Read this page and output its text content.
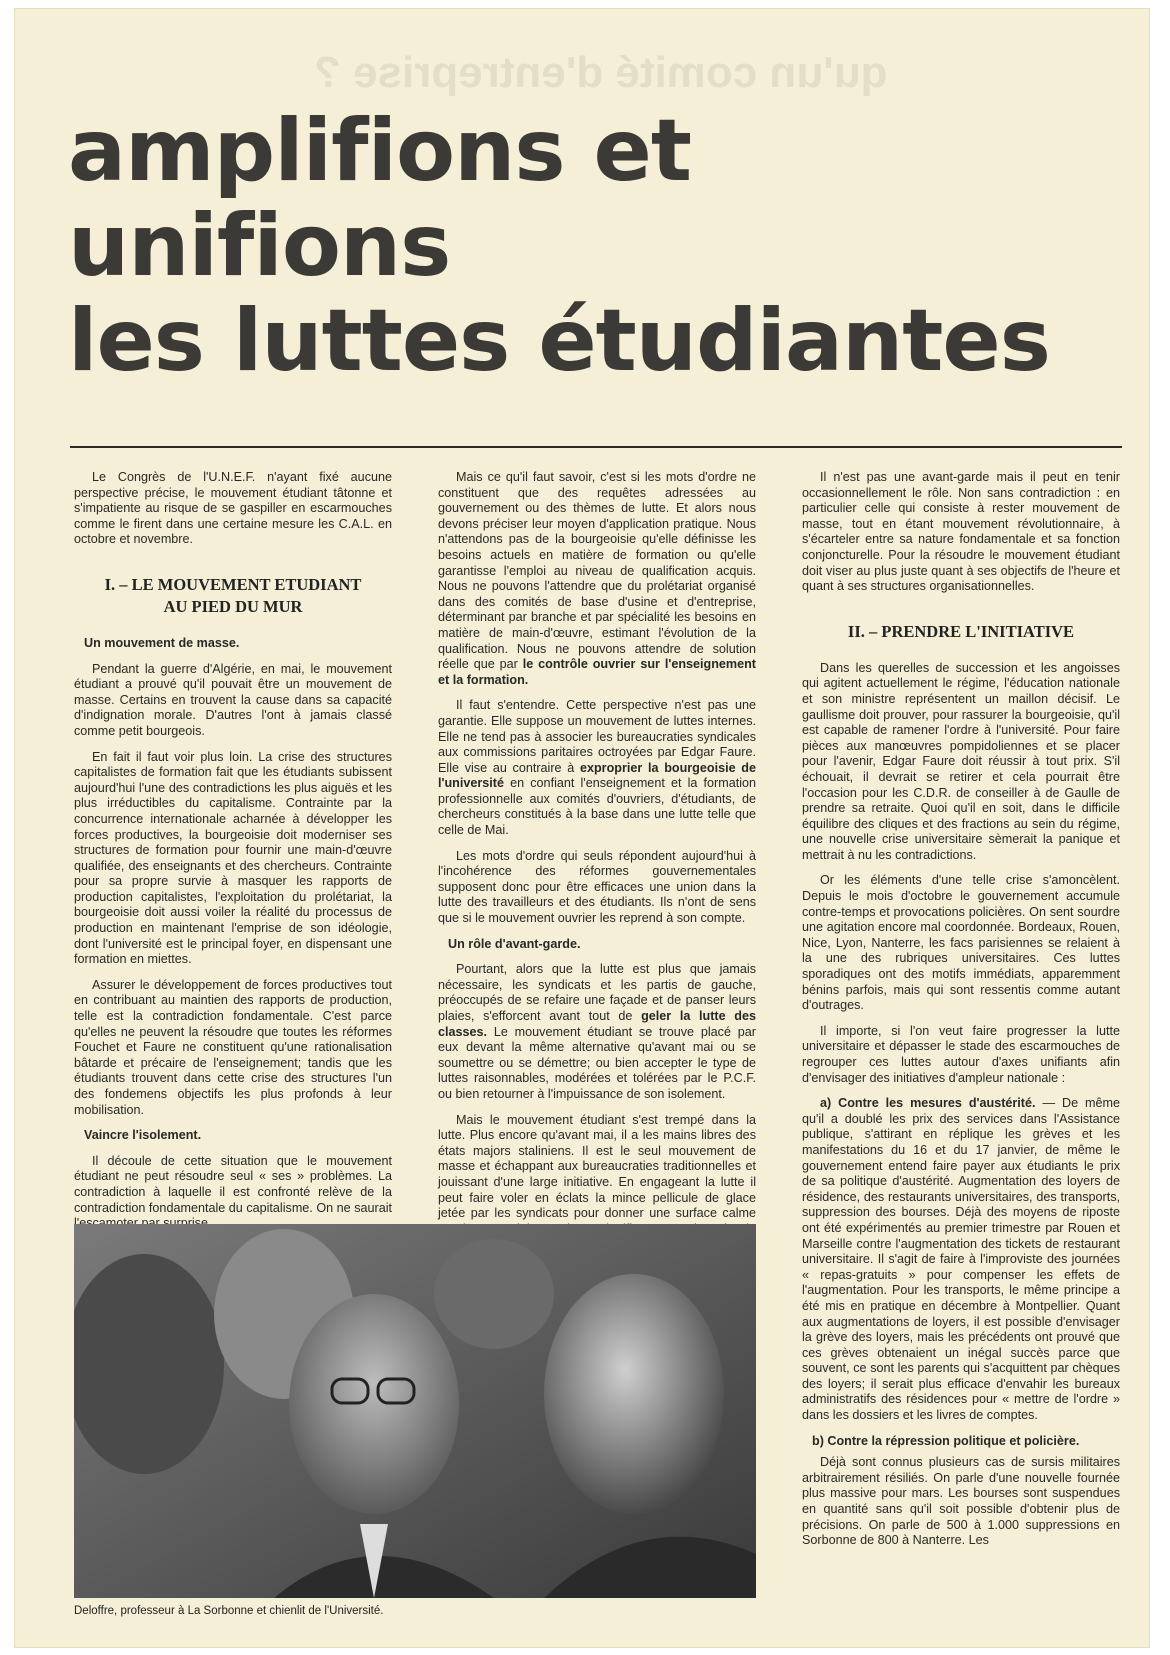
qu'un comité d'entreprise ?
amplifions et
unifions
les luttes étudiantes

Le Congrès de l'U.N.E.F. n'ayant fixé aucune perspective précise, le mouvement étudiant tâtonne et s'impatiente au risque de se gaspiller en escarmouches comme le firent dans une certaine mesure les C.A.L. en octobre et novembre.

I. – LE MOUVEMENT ETUDIANT
AU PIED DU MUR
Un mouvement de masse.

Pendant la guerre d'Algérie, en mai, le mouvement étudiant a prouvé qu'il pouvait être un mouvement de masse. Certains en trouvent la cause dans sa capacité d'indignation morale. D'autres l'ont à jamais classé comme petit bourgeois.

En fait il faut voir plus loin. La crise des structures capitalistes de formation fait que les étudiants subissent aujourd'hui l'une des contradictions les plus aiguës et les plus irréductibles du capitalisme. Contrainte par la concurrence internationale acharnée à développer les forces productives, la bourgeoisie doit moderniser ses structures de formation pour fournir une main-d'œuvre qualifiée, des enseignants et des chercheurs. Contrainte pour sa propre survie à masquer les rapports de production capitalistes, l'exploitation du prolétariat, la bourgeoisie doit aussi voiler la réalité du processus de production en maintenant l'emprise de son idéologie, dont l'université est le principal foyer, en dispensant une formation en miettes.

Assurer le développement de forces productives tout en contribuant au maintien des rapports de production, telle est la contradiction fondamentale. C'est parce qu'elles ne peuvent la résoudre que toutes les réformes Fouchet et Faure ne constituent qu'une rationalisation bâtarde et précaire de l'enseignement; tandis que les étudiants trouvent dans cette crise des structures l'un des fondemens objectifs les plus profonds à leur mobilisation.

Vaincre l'isolement.

Il découle de cette situation que le mouvement étudiant ne peut résoudre seul « ses » problèmes. La contradiction à laquelle il est confronté relève de la contradiction fondamentale du capitalisme. On ne saurait

Mais ce qu'il faut savoir, c'est si les mots d'ordre ne constituent que des requêtes adressées au gouvernement ou des thèmes de lutte. Et alors nous devons préciser leur moyen d'application pratique. Nous n'attendons pas de la bourgeoisie qu'elle définisse les besoins actuels en matière de formation ou qu'elle garantisse l'emploi au niveau de qualification acquis. Nous ne pouvons l'attendre que du prolétariat organisé dans des comités de base d'usine et d'entreprise, déterminant par branche et par spécialité les besoins en matière de main-d'œuvre, estimant l'évolution de la qualification. Nous ne pouvons attendre de solution réelle que par le contrôle ouvrier sur l'enseignement et la formation.

Il faut s'entendre. Cette perspective n'est pas une garantie. Elle suppose un mouvement de luttes internes. Elle ne tend pas à associer les bureaucraties syndicales aux commissions paritaires octroyées par Edgar Faure. Elle vise au contraire à exproprier la bourgeoisie de l'université en confiant l'enseignement et la formation professionnelle aux comités d'ouvriers, d'étudiants, de chercheurs constitués à la base dans une lutte telle que celle de Mai.

Les mots d'ordre qui seuls répondent aujourd'hui à l'incohérence des réformes gouvernementales supposent donc pour être efficaces une union dans la lutte des travailleurs et des étudiants. Ils n'ont de sens que si le mouvement ouvrier les reprend à son compte.

Un rôle d'avant-garde.

Pourtant, alors que la lutte est plus que jamais nécessaire, les syndicats et les partis de gauche, préoccupés de se refaire une façade et de panser leurs plaies, s'efforcent avant tout de geler la lutte des classes. Le mouvement étudiant se trouve placé par eux devant la même alternative qu'avant mai ou se soumettre ou se démettre; ou bien accepter le type de luttes raisonnables, modérées et tolérées par le P.C.F. ou bien retourner à l'impuissance de son isolement.

Mais le mouvement étudiant s'est trempé dans la lutte. Plus encore qu'avant mai, il a les mains libres des états majors staliniens. Il est le seul mouvement de masse et échappant aux bureaucraties traditionnelles et jouissant d'une large initiative. En engageant la lutte il peut faire voler en éclats la mince pellicule de glace jetée par les syndicats pour donner une surface calme

Il n'est pas une avant-garde mais il peut en tenir occasionnellement le rôle. Non sans contradiction : en particulier celle qui consiste à rester mouvement de masse, tout en étant mouvement révolutionnaire, à s'écarteler entre sa nature fondamentale et sa fonction conjoncturelle. Pour la résoudre le mouvement étudiant doit viser au plus juste quant à ses objectifs de l'heure et quant à ses structures organisationnelles.

II. – PRENDRE L'INITIATIVE

Dans les querelles de succession et les angoisses qui agitent actuellement le régime, l'éducation nationale et son ministre représentent un maillon décisif. Le gaullisme doit prouver, pour rassurer la bourgeoisie, qu'il est capable de ramener l'ordre à l'université. Pour faire pièces aux manœuvres pompidoliennes et se placer pour l'avenir, Edgar Faure doit réussir à tout prix. S'il échouait, il devrait se retirer et cela pourrait être l'occasion pour les C.D.R. de conseiller à de Gaulle de prendre sa retraite. Quoi qu'il en soit, dans le difficile équilibre des cliques et des fractions au sein du régime, une nouvelle crise universitaire sèmerait la panique et mettrait à nu les contradictions.

Or les éléments d'une telle crise s'amoncèlent. Depuis le mois d'octobre le gouvernement accumule contre-temps et provocations policières. On sent sourdre une agitation encore mal coordonnée. Bordeaux, Rouen, Nice, Lyon, Nanterre, les facs parisiennes se relaient à la une des rubriques universitaires. Ces luttes sporadiques ont des motifs immédiats, apparemment bénins parfois, mais qui sont ressentis comme autant d'outrages.

Il importe, si l'on veut faire progresser la lutte universitaire et dépasser le stade des escarmouches de regrouper ces luttes autour d'axes unifiants afin d'envisager des initiatives d'ampleur nationale :

a) Contre les mesures d'austérité. — De même qu'il a doublé les prix des services dans l'Assistance publique, s'attirant en réplique les grèves et les manifestations du 16 et du 17 janvier, de même le gouvernement entend faire payer aux étudiants le prix de sa politique d'austérité. Augmentation des loyers de résidence, des restaurants universitaires, des transports, suppression des bourses. Déjà des moyens de riposte ont été expérimentés au premier trimestre par Rouen et Marseille contre l'augmentation des tickets de restaurant universitaire. Il s'agit de faire à l'improviste des journées « repas-gratuits » pour compenser les effets de l'augmentation. Pour les transports, le même principe a été mis en pratique en décembre à Montpellier. Quant aux augmentations de loyers, il est possible d'envisager la grève des loyers, mais les précédents ont prouvé que ces grèves obtenaient un inégal succès parce que souvent, ce sont les parents qui s'acquittent par chèques des loyers; il serait plus efficace d'envahir les bureaux administratifs des résidences pour « mettre de l'ordre » dans les dossiers et les livres de comptes.

b) Contre la répression politique et policière.

Déjà sont connus plusieurs cas de sursis militaires arbitrairement résiliés. On parle d'une nouvelle fournée plus massive pour mars. Les bourses sont suspendues en quantité sans qu'il soit possible d'obtenir plus de précisions. On parle de 500 à 1.000 suppressions en Sorbonne de 800 à Nanterre. Les

Deloffre, professeur à La Sorbonne et chienlit de l'Université.
